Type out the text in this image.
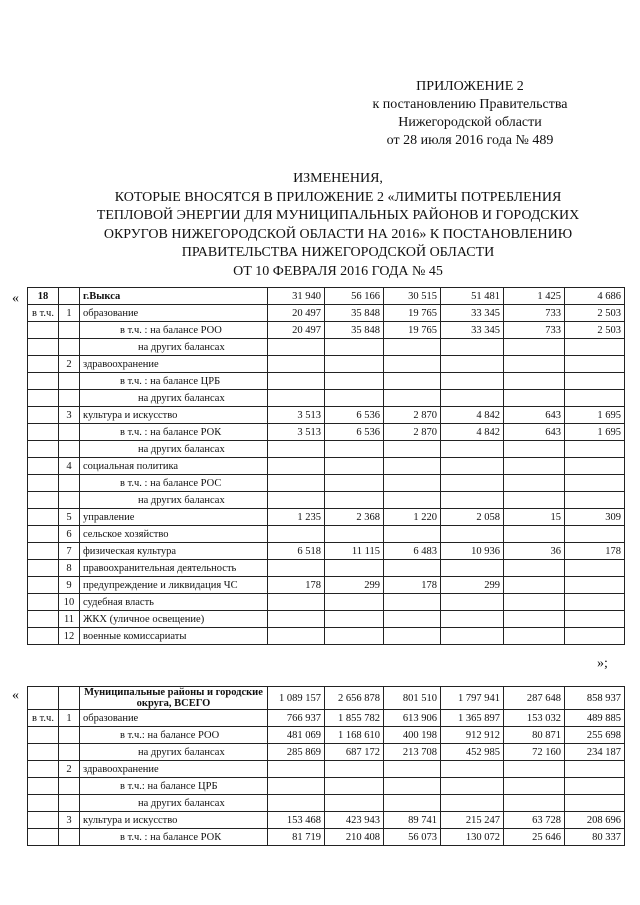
ПРИЛОЖЕНИЕ 2
к постановлению Правительства
Нижегородской области
от 28 июля 2016 года № 489
ИЗМЕНЕНИЯ,
КОТОРЫЕ ВНОСЯТСЯ В ПРИЛОЖЕНИЕ 2 «ЛИМИТЫ ПОТРЕБЛЕНИЯ
ТЕПЛОВОЙ ЭНЕРГИИ ДЛЯ МУНИЦИПАЛЬНЫХ РАЙОНОВ И ГОРОДСКИХ
ОКРУГОВ НИЖЕГОРОДСКОЙ ОБЛАСТИ НА 2016» К ПОСТАНОВЛЕНИЮ
ПРАВИТЕЛЬСТВА НИЖЕГОРОДСКОЙ ОБЛАСТИ
ОТ 10 ФЕВРАЛЯ 2016 ГОДА № 45
«
»;
«
18		г.Выкса	31 940	56 166	30 515	51 481	1 425	4 686
в т.ч.	1	образование	20 497	35 848	19 765	33 345	733	2 503
		в т.ч. : на балансе РОО	20 497	35 848	19 765	33 345	733	2 503
		на других балансах						
	2	здравоохранение						
		в т.ч. : на балансе ЦРБ						
		на других балансах						
	3	культура и искусство	3 513	6 536	2 870	4 842	643	1 695
		в т.ч. : на балансе РОК	3 513	6 536	2 870	4 842	643	1 695
		на других балансах						
	4	социальная политика						
		в т.ч. : на балансе РОС						
		на других балансах						
	5	управление	1 235	2 368	1 220	2 058	15	309
	6	сельское хозяйство						
	7	физическая культура	6 518	11 115	6 483	10 936	36	178
	8	правоохранительная деятельность						
	9	предупреждение и ликвидация ЧС	178	299	178	299		
	10	судебная власть						
	11	ЖКХ (уличное освещение)						
	12	военные комиссариаты						
		Муниципальные районы и городские округа, ВСЕГО	1 089 157	2 656 878	801 510	1 797 941	287 648	858 937
в т.ч.	1	образование	766 937	1 855 782	613 906	1 365 897	153 032	489 885
		в т.ч.: на балансе РОО	481 069	1 168 610	400 198	912 912	80 871	255 698
		на других балансах	285 869	687 172	213 708	452 985	72 160	234 187
	2	здравоохранение						
		в т.ч.: на балансе ЦРБ						
		на других балансах						
	3	культура и искусство	153 468	423 943	89 741	215 247	63 728	208 696
		в т.ч. : на балансе РОК	81 719	210 408	56 073	130 072	25 646	80 337
